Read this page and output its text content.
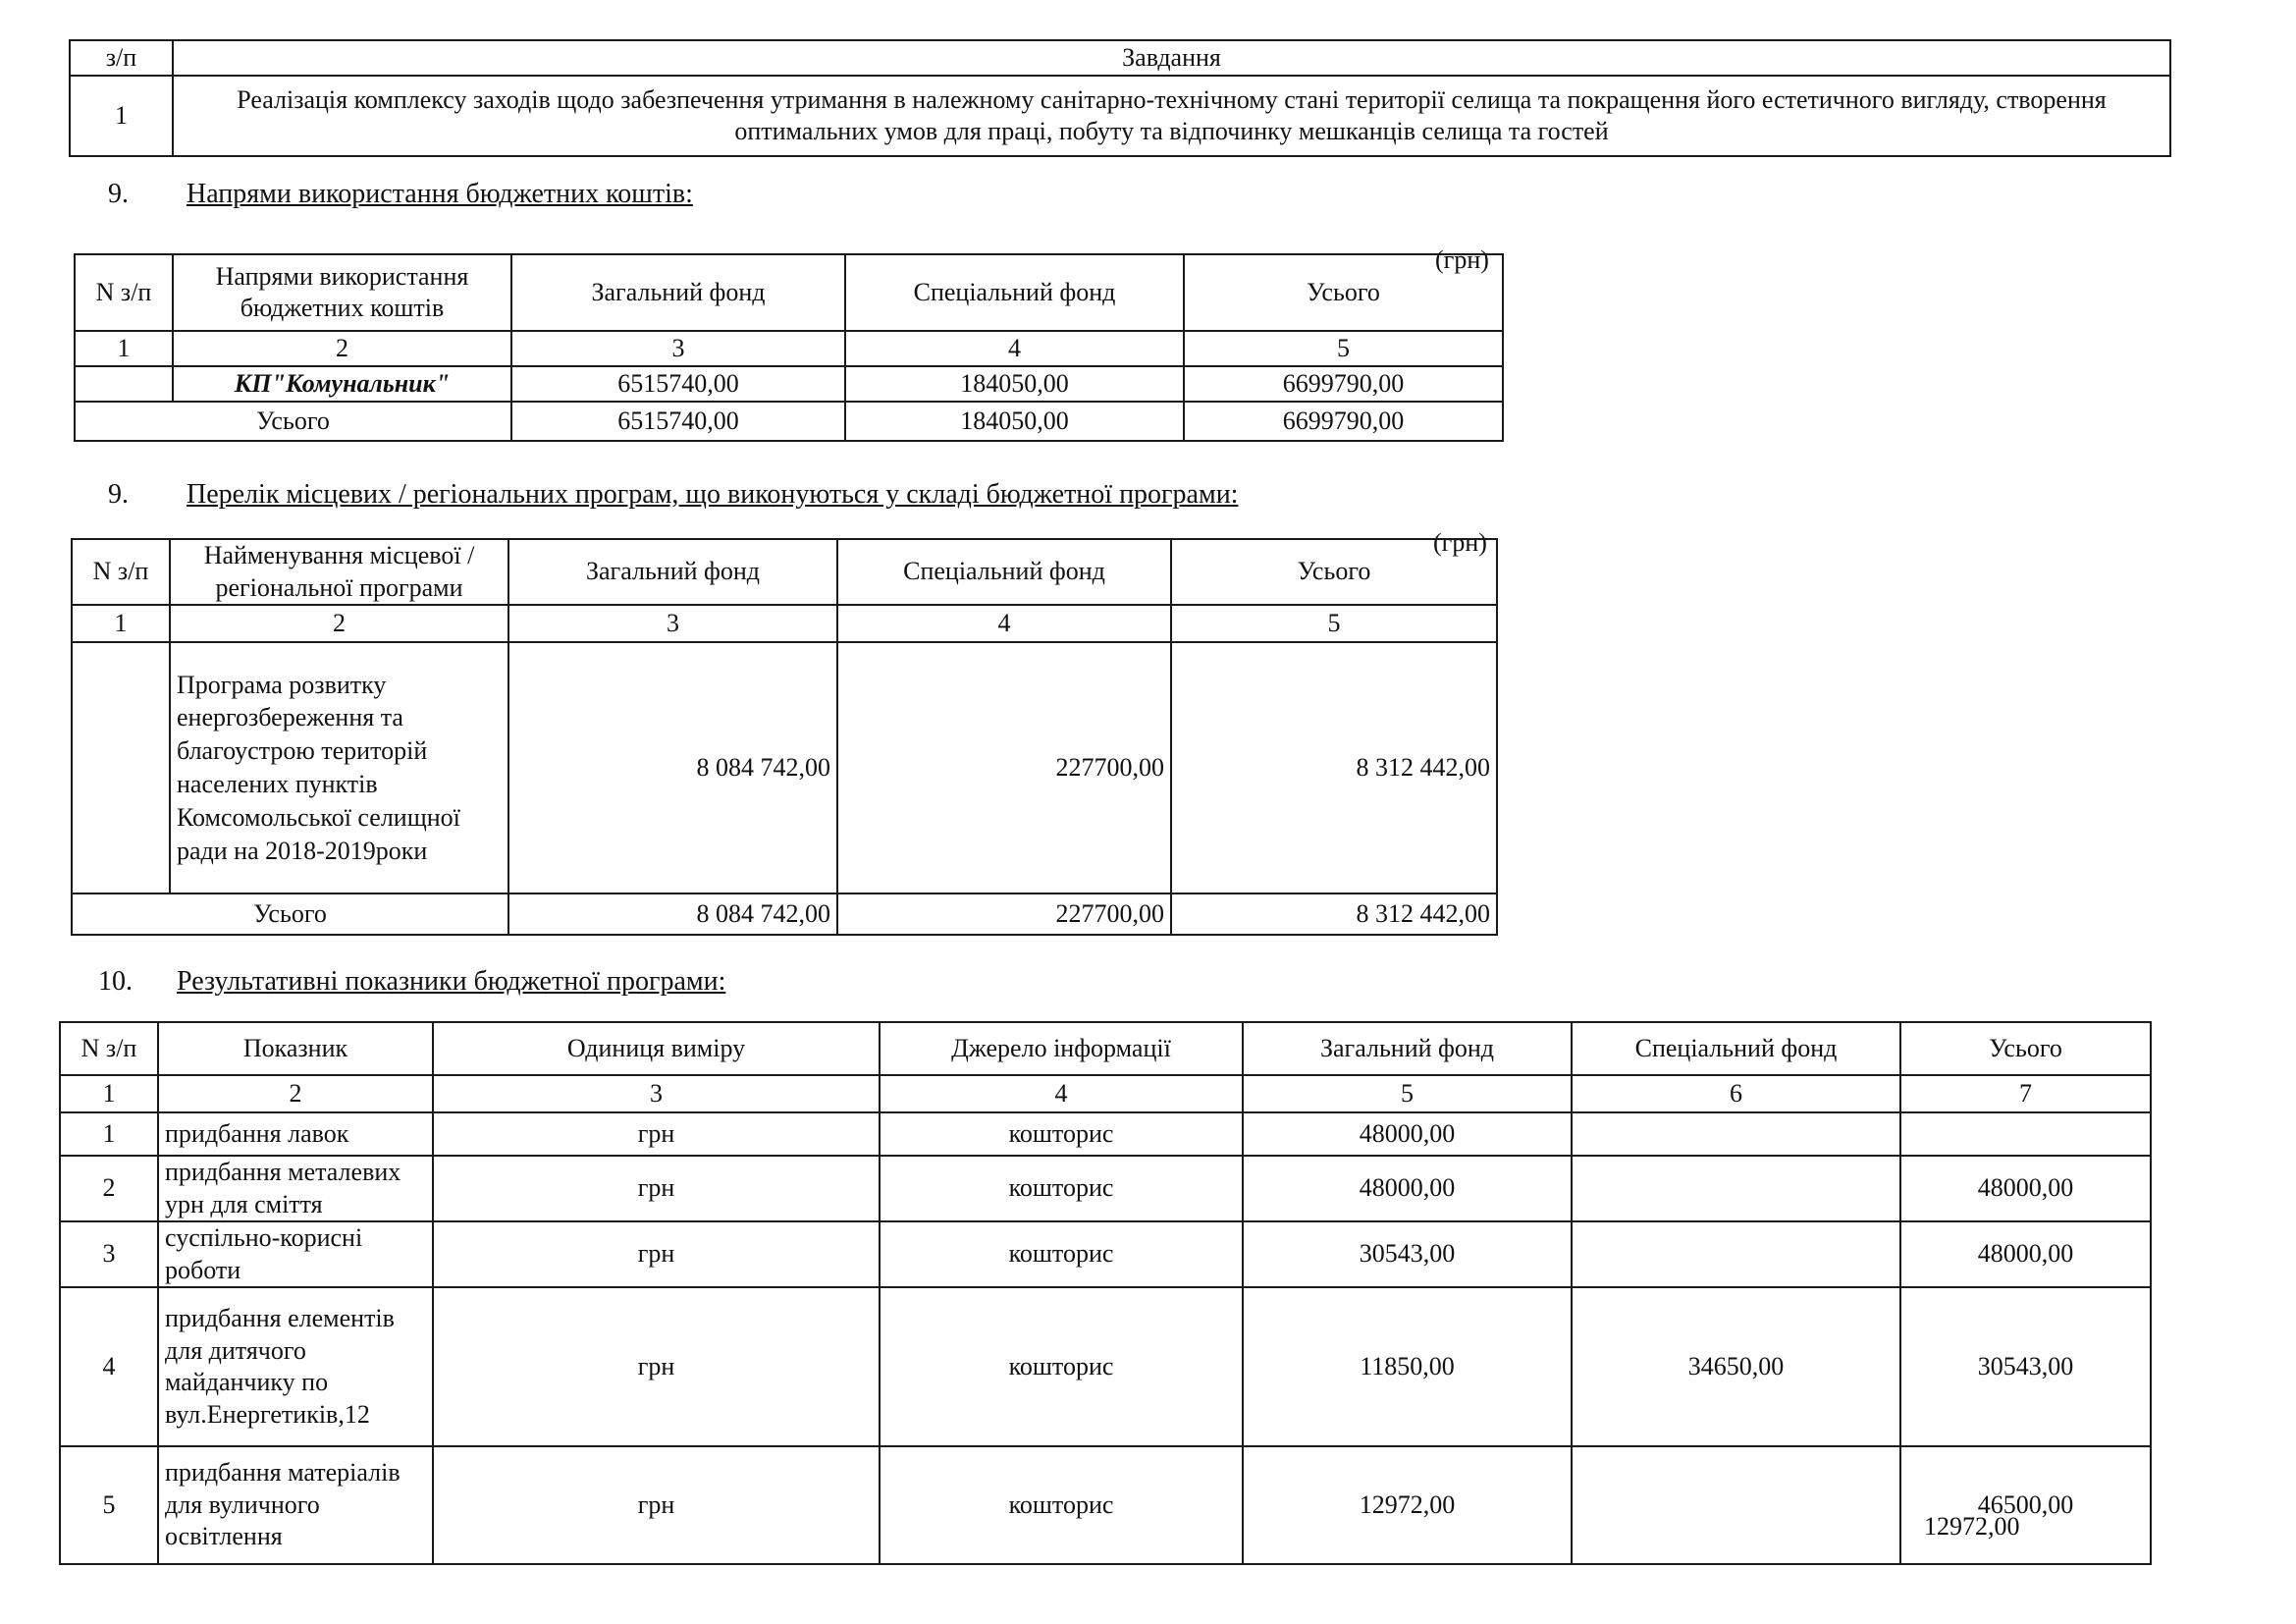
з/п	Завдання
1	Реалізація комплексу заходів щодо забезпечення утримання в належному санітарно-технічному стані території селища та покращення його естетичного вигляду, створення оптимальних умов для праці, побуту та відпочинку мешканців селища та гостей
9. Напрями використання бюджетних коштів:
(грн)
N з/п	Напрями використання бюджетних коштів	Загальний фонд	Спеціальний фонд	Усього
1	2	3	4	5
	КП"Комунальник"	6515740,00	184050,00	6699790,00
Усього		6515740,00	184050,00	6699790,00
9. Перелік місцевих / регіональних програм, що виконуються у складі бюджетної програми:
(грн)
N з/п	Найменування місцевої / регіональної програми	Загальний фонд	Спеціальний фонд	Усього
1	2	3	4	5
	Програма розвитку енергозбереження та благоустрою територій населених пунктів Комсомольської селищної ради на 2018-2019роки	8 084 742,00	227700,00	8 312 442,00
Усього		8 084 742,00	227700,00	8 312 442,00
10. Результативні показники бюджетної програми:
N з/п	Показник	Одиниця виміру	Джерело інформації	Загальний фонд	Спеціальний фонд	Усього
1	2	3	4	5	6	7
1	придбання лавок	грн	кошторис	48000,00		
2	придбання металевих урн для сміття	грн	кошторис	48000,00		48000,00
3	суспільно-корисні роботи	грн	кошторис	30543,00		48000,00
4	придбання елементів для дитячого майданчику по вул.Енергетиків,12	грн	кошторис	11850,00	34650,00	30543,00
5	придбання матеріалів для вуличного освітлення	грн	кошторис	12972,00		46500,00
12972,00
